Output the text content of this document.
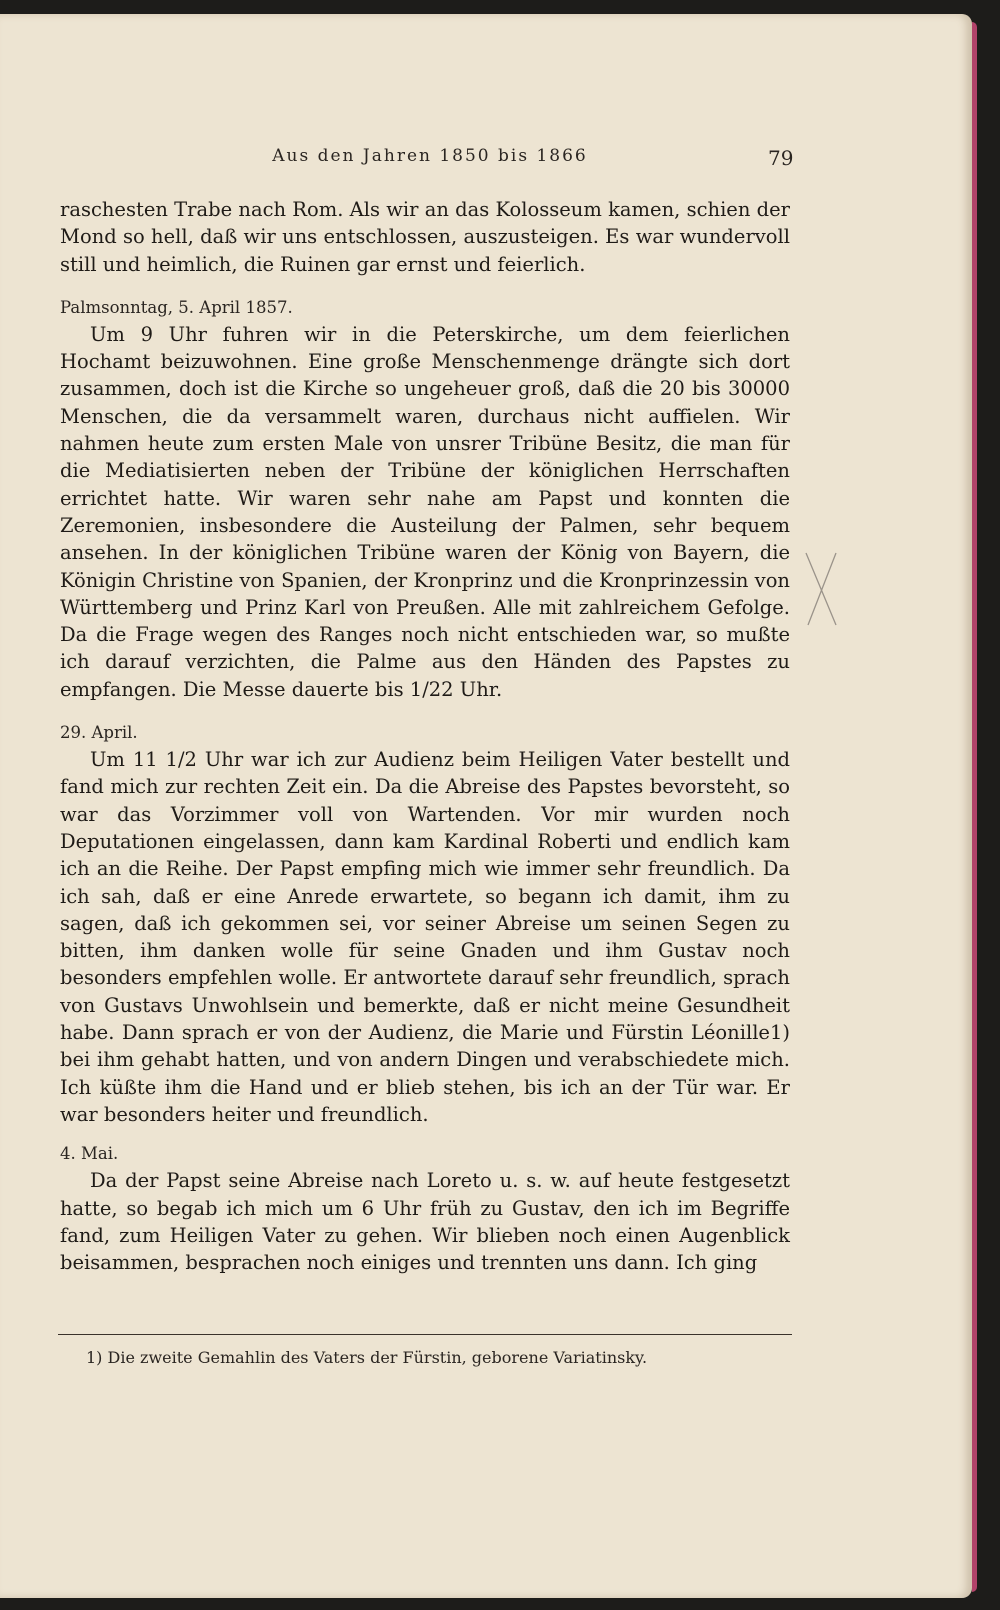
Aus den Jahren 1850 bis 1866	79

raschesten Trabe nach Rom. Als wir an das Kolosseum kamen, schien der Mond so hell, daß wir uns entschlossen, auszusteigen. Es war wundervoll still und heimlich, die Ruinen gar ernst und feierlich.

Palmsonntag, 5. April 1857.

Um 9 Uhr fuhren wir in die Peterskirche, um dem feierlichen Hochamt beizuwohnen. Eine große Menschenmenge drängte sich dort zusammen, doch ist die Kirche so ungeheuer groß, daß die 20 bis 30000 Menschen, die da versammelt waren, durchaus nicht auffielen. Wir nahmen heute zum ersten Male von unsrer Tribüne Besitz, die man für die Mediatisierten neben der Tribüne der königlichen Herrschaften errichtet hatte. Wir waren sehr nahe am Papst und konnten die Zeremonien, insbesondere die Austeilung der Palmen, sehr bequem ansehen. In der königlichen Tribüne waren der König von Bayern, die Königin Christine von Spanien, der Kronprinz und die Kronprinzessin von Württemberg und Prinz Karl von Preußen. Alle mit zahlreichem Gefolge. Da die Frage wegen des Ranges noch nicht entschieden war, so mußte ich darauf verzichten, die Palme aus den Händen des Papstes zu empfangen. Die Messe dauerte bis 1/22 Uhr.

29. April.

Um 11 1/2 Uhr war ich zur Audienz beim Heiligen Vater bestellt und fand mich zur rechten Zeit ein. Da die Abreise des Papstes bevorsteht, so war das Vorzimmer voll von Wartenden. Vor mir wurden noch Deputationen eingelassen, dann kam Kardinal Roberti und endlich kam ich an die Reihe. Der Papst empfing mich wie immer sehr freundlich. Da ich sah, daß er eine Anrede erwartete, so begann ich damit, ihm zu sagen, daß ich gekommen sei, vor seiner Abreise um seinen Segen zu bitten, ihm danken wolle für seine Gnaden und ihm Gustav noch besonders empfehlen wolle. Er antwortete darauf sehr freundlich, sprach von Gustavs Unwohlsein und bemerkte, daß er nicht meine Gesundheit habe. Dann sprach er von der Audienz, die Marie und Fürstin Léonille1) bei ihm gehabt hatten, und von andern Dingen und verabschiedete mich. Ich küßte ihm die Hand und er blieb stehen, bis ich an der Tür war. Er war besonders heiter und freundlich.

4. Mai.

Da der Papst seine Abreise nach Loreto u. s. w. auf heute festgesetzt hatte, so begab ich mich um 6 Uhr früh zu Gustav, den ich im Begriffe fand, zum Heiligen Vater zu gehen. Wir blieben noch einen Augenblick beisammen, besprachen noch einiges und trennten uns dann. Ich ging

1) Die zweite Gemahlin des Vaters der Fürstin, geborene Variatinsky.
